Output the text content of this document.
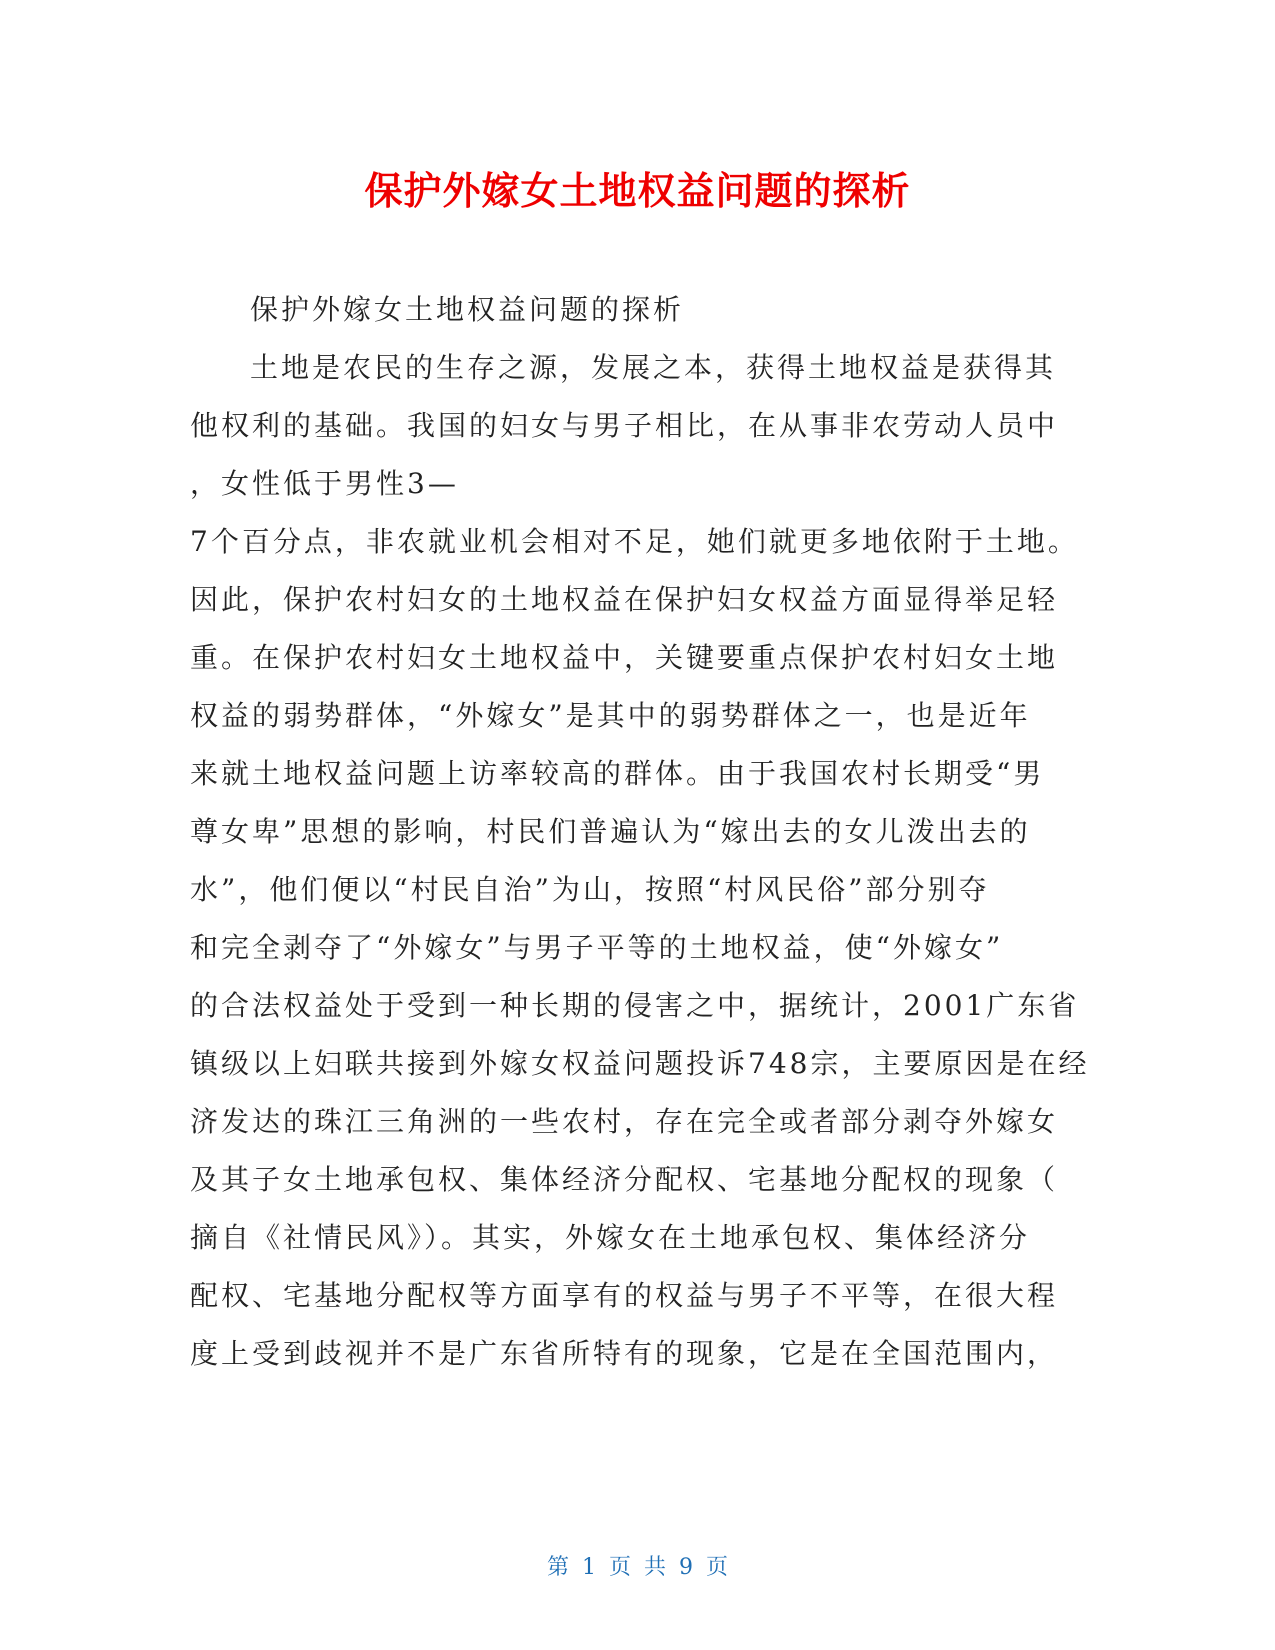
保护外嫁女土地权益问题的探析
保护外嫁女土地权益问题的探析
土地是农民的生存之源，发展之本，获得土地权益是获得其
他权利的基础。我国的妇女与男子相比，在从事非农劳动人员中
，女性低于男性3—
7个百分点，非农就业机会相对不足，她们就更多地依附于土地。
因此，保护农村妇女的土地权益在保护妇女权益方面显得举足轻
重。在保护农村妇女土地权益中，关键要重点保护农村妇女土地
权益的弱势群体，“外嫁女”是其中的弱势群体之一，也是近年
来就土地权益问题上访率较高的群体。由于我国农村长期受“男
尊女卑”思想的影响，村民们普遍认为“嫁出去的女儿泼出去的
水”，他们便以“村民自治”为山，按照“村风民俗”部分别夺
和完全剥夺了“外嫁女”与男子平等的土地权益，使“外嫁女”
的合法权益处于受到一种长期的侵害之中，据统计，2001广东省
镇级以上妇联共接到外嫁女权益问题投诉748宗，主要原因是在经
济发达的珠江三角洲的一些农村，存在完全或者部分剥夺外嫁女
及其子女土地承包权、集体经济分配权、宅基地分配权的现象（
摘自《社情民风》）。其实，外嫁女在土地承包权、集体经济分
配权、宅基地分配权等方面享有的权益与男子不平等，在很大程
度上受到歧视并不是广东省所特有的现象，它是在全国范围内，
第 1 页 共 9 页
